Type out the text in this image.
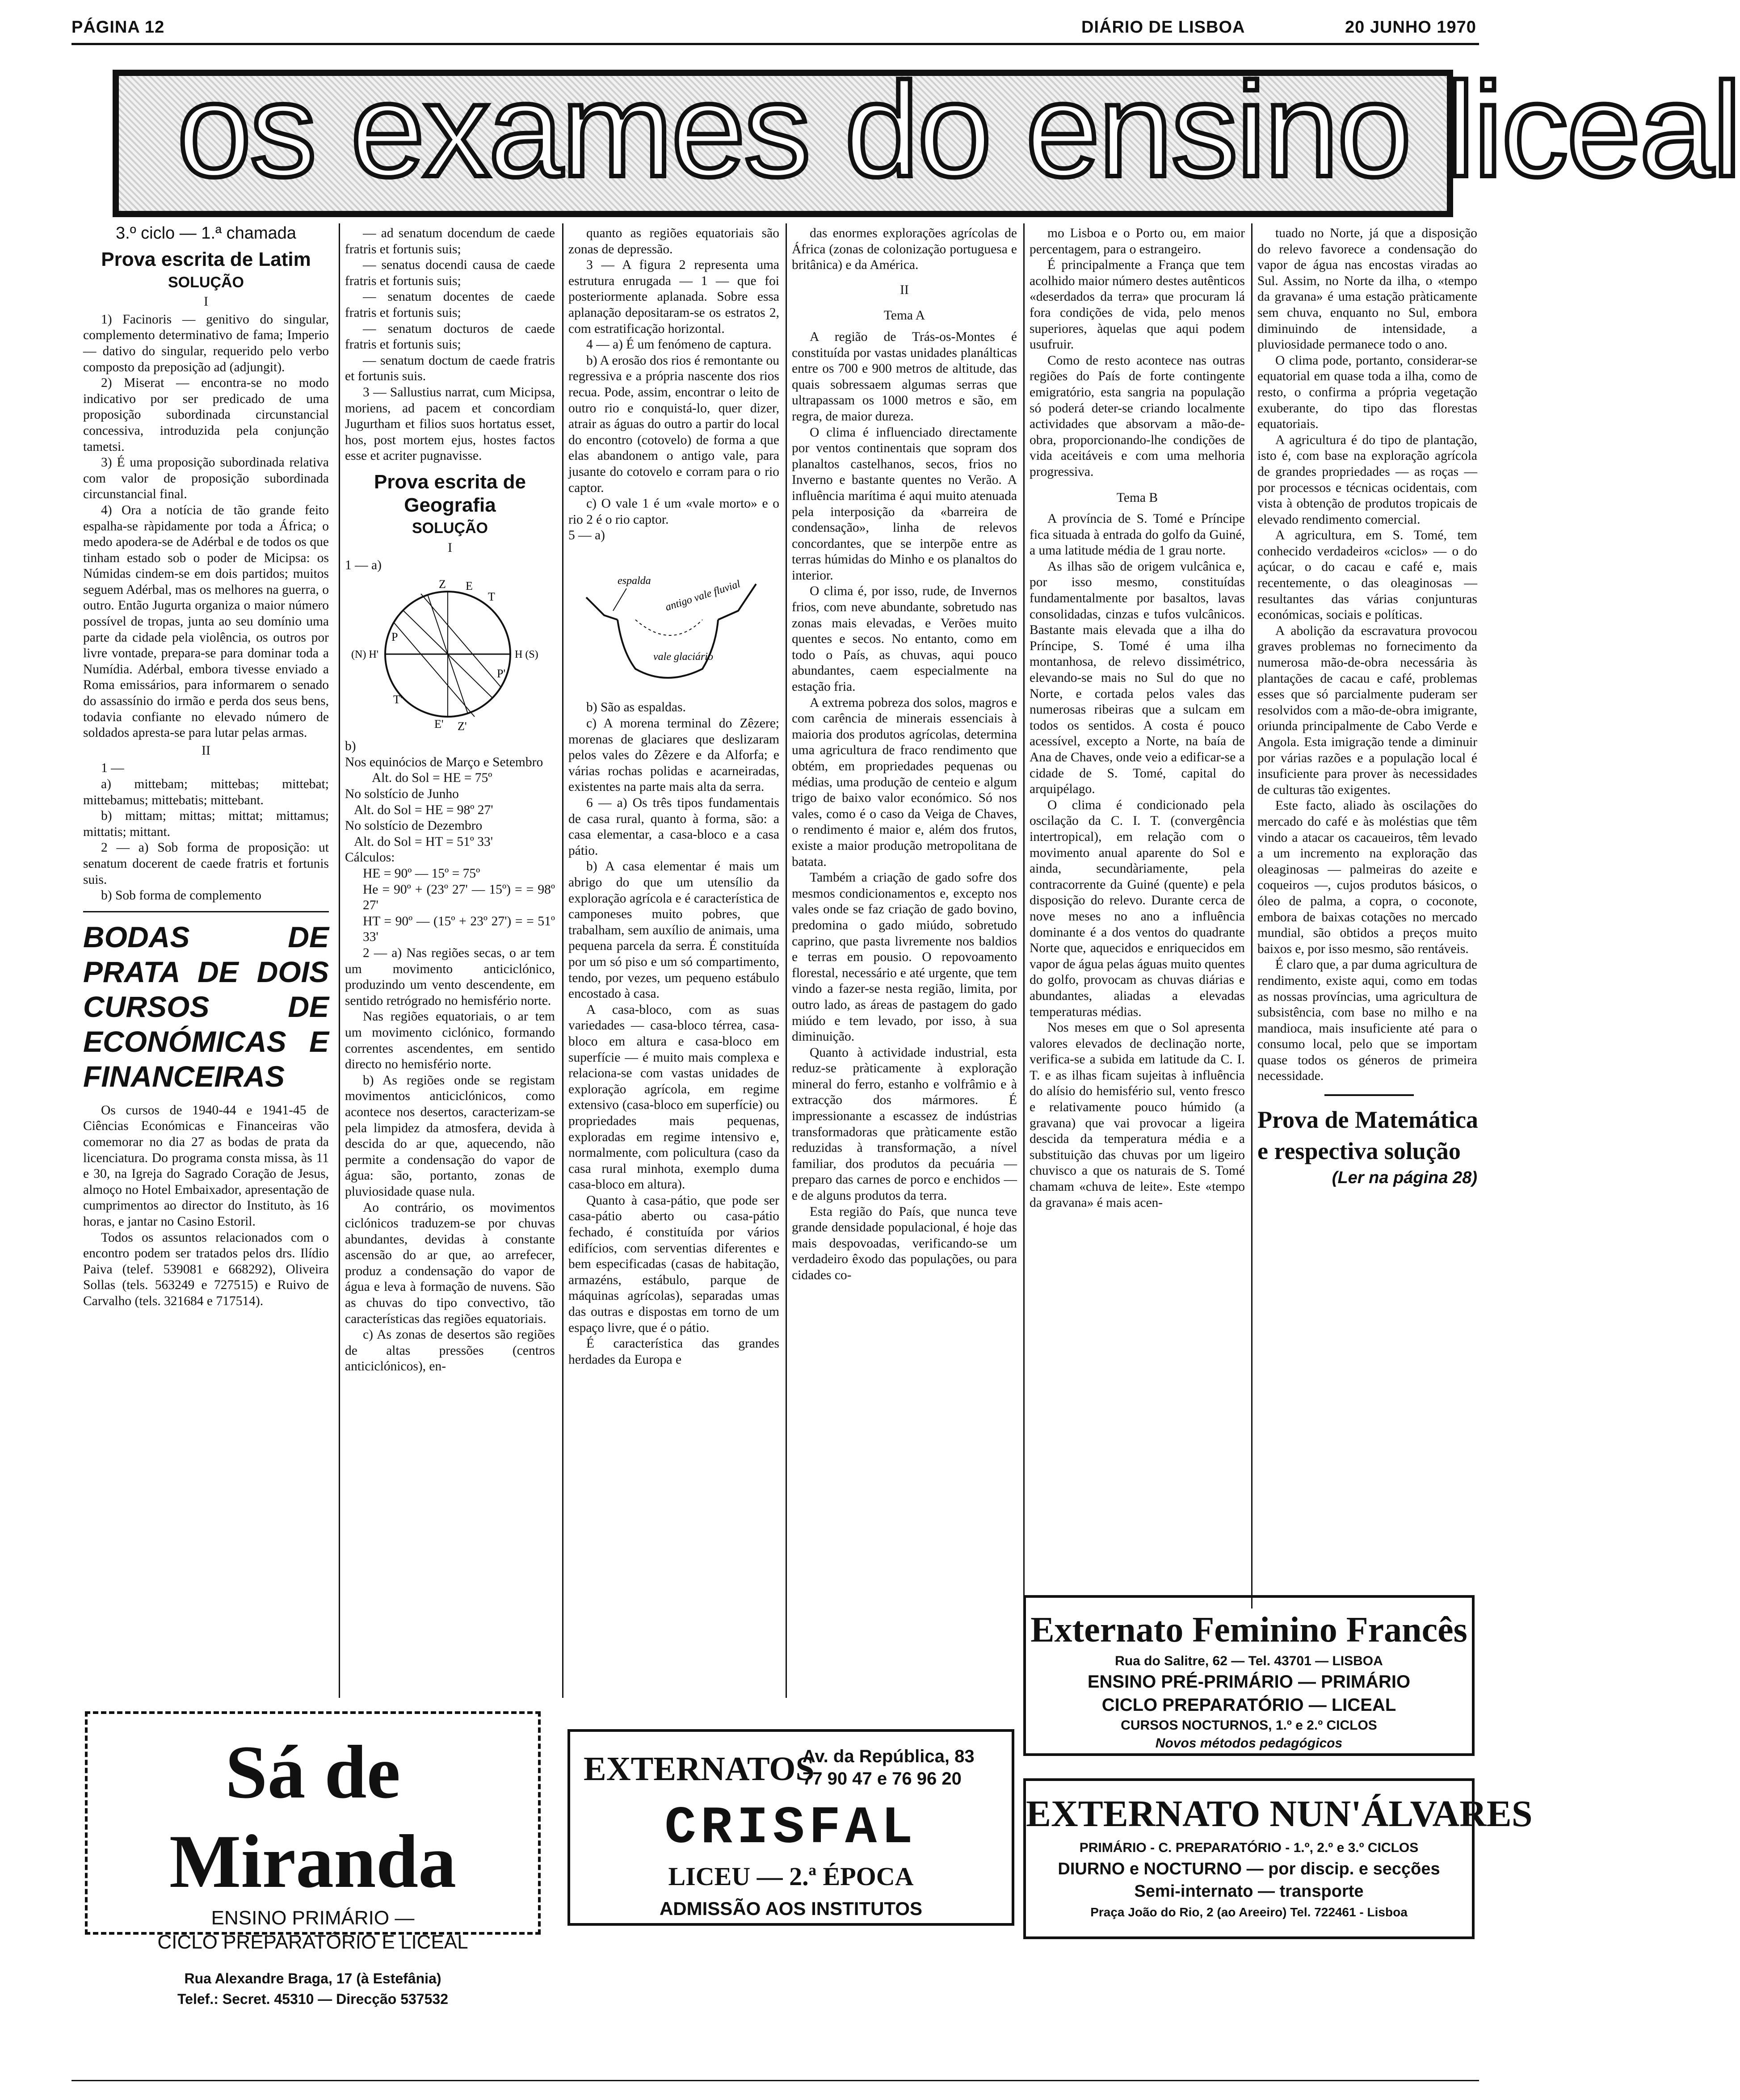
PÁGINA 12	DIÁRIO DE LISBOA	20 JUNHO 1970
os exames do ensino liceal
3.º ciclo — 1.ª chamada
Prova escrita de Latim
SOLUÇÃO
I

1) Facinoris — genitivo do singular, complemento determinativo de fama; Imperio — dativo do singular, requerido pelo verbo composto da preposição ad (adjungit).

2) Miserat — encontra-se no modo indicativo por ser predicado de uma proposição subordinada circunstancial concessiva, introduzida pela conjunção tametsi.

3) É uma proposição subordinada relativa com valor de proposição subordinada circunstancial final.

4) Ora a notícia de tão grande feito espalha-se ràpidamente por toda a África; o medo apodera-se de Adérbal e de todos os que tinham estado sob o poder de Micipsa: os Númidas cindem-se em dois partidos; muitos seguem Adérbal, mas os melhores na guerra, o outro. Então Jugurta organiza o maior número possível de tropas, junta ao seu domínio uma parte da cidade pela violência, os outros por livre vontade, prepara-se para dominar toda a Numídia. Adérbal, embora tivesse enviado a Roma emissários, para informarem o senado do assassínio do irmão e perda dos seus bens, todavia confiante no elevado número de soldados apresta-se para lutar pelas armas.

II

1 —

a) mittebam; mittebas; mittebat; mittebamus; mittebatis; mittebant.

b) mittam; mittas; mittat; mittamus; mittatis; mittant.

2 — a) Sob forma de proposição: ut senatum docerent de caede fratris et fortunis suis.

b) Sob forma de complemento

BODAS DE PRATA DE DOIS CURSOS DE ECONÓMICAS E FINANCEIRAS

Os cursos de 1940-44 e 1941-45 de Ciências Económicas e Financeiras vão comemorar no dia 27 as bodas de prata da licenciatura. Do programa consta missa, às 11 e 30, na Igreja do Sagrado Coração de Jesus, almoço no Hotel Embaixador, apresentação de cumprimentos ao director do Instituto, às 16 horas, e jantar no Casino Estoril.

Todos os assuntos relacionados com o encontro podem ser tratados pelos drs. Ilídio Paiva (telef. 539081 e 668292), Oliveira Sollas (tels. 563249 e 727515) e Ruivo de Carvalho (tels. 321684 e 717514).

— ad senatum docendum de caede fratris et fortunis suis;

— senatus docendi causa de caede fratris et fortunis suis;

— senatum docentes de caede fratris et fortunis suis;

— senatum docturos de caede fratris et fortunis suis;

— senatum doctum de caede fratris et fortunis suis.

3 — Sallustius narrat, cum Micipsa, moriens, ad pacem et concordiam Jugurtham et filios suos hortatus esset, hos, post mortem ejus, hostes factos esse et acriter pugnavisse.

Prova escrita de Geografia
SOLUÇÃO
I
1 — a)
Z E
T
P
(N) H'	H (S)
P'
T'
E' Z'
b)
Nos equinócios de Março e Setembro
Alt. do Sol = HE = 75º
No solstício de Junho
Alt. do Sol = HE = 98º 27'
No solstício de Dezembro
Alt. do Sol = HT = 51º 33'
Cálculos:
HE = 90º — 15º = 75º
He = 90º + (23º 27' — 15º) = = 98º 27'
HT = 90º — (15º + 23º 27') = = 51º 33'

2 — a) Nas regiões secas, o ar tem um movimento anticiclónico, produzindo um vento descendente, em sentido retrógrado no hemisfério norte.

Nas regiões equatoriais, o ar tem um movimento ciclónico, formando correntes ascendentes, em sentido directo no hemisfério norte.

b) As regiões onde se registam movimentos anticiclónicos, como acontece nos desertos, caracterizam-se pela limpidez da atmosfera, devida à descida do ar que, aquecendo, não permite a condensação do vapor de água: são, portanto, zonas de pluviosidade quase nula.

Ao contrário, os movimentos ciclónicos traduzem-se por chuvas abundantes, devidas à constante ascensão do ar que, ao arrefecer, produz a condensação do vapor de água e leva à formação de nuvens. São as chuvas do tipo convectivo, tão características das regiões equatoriais.

c) As zonas de desertos são regiões de altas pressões (centros anticiclónicos), en-

quanto as regiões equatoriais são zonas de depressão.

3 — A figura 2 representa uma estrutura enrugada — 1 — que foi posteriormente aplanada. Sobre essa aplanação depositaram-se os estratos 2, com estratificação horizontal.

4 — a) É um fenómeno de captura.

b) A erosão dos rios é remontante ou regressiva e a própria nascente dos rios recua. Pode, assim, encontrar o leito de outro rio e conquistá-lo, quer dizer, atrair as águas do outro a partir do local do encontro (cotovelo) de forma a que elas abandonem o antigo vale, para jusante do cotovelo e corram para o rio captor.

c) O vale 1 é um «vale morto» e o rio 2 é o rio captor.

5 — a)
espalda antigo vale fluvial
vale glaciário

b) São as espaldas.

c) A morena terminal do Zêzere; morenas de glaciares que deslizaram pelos vales do Zêzere e da Alforfa; e várias rochas polidas e acarneiradas, existentes na parte mais alta da serra.

6 — a) Os três tipos fundamentais de casa rural, quanto à forma, são: a casa elementar, a casa-bloco e a casa pátio.

b) A casa elementar é mais um abrigo do que um utensílio da exploração agrícola e é característica de camponeses muito pobres, que trabalham, sem auxílio de animais, uma pequena parcela da serra. É constituída por um só piso e um só compartimento, tendo, por vezes, um pequeno estábulo encostado à casa.

A casa-bloco, com as suas variedades — casa-bloco térrea, casa-bloco em altura e casa-bloco em superfície — é muito mais complexa e relaciona-se com vastas unidades de exploração agrícola, em regime extensivo (casa-bloco em superfície) ou propriedades mais pequenas, exploradas em regime intensivo e, normalmente, com policultura (caso da casa rural minhota, exemplo duma casa-bloco em altura).

Quanto à casa-pátio, que pode ser casa-pátio aberto ou casa-pátio fechado, é constituída por vários edifícios, com serventias diferentes e bem especificadas (casas de habitação, armazéns, estábulo, parque de máquinas agrícolas), separadas umas das outras e dispostas em torno de um espaço livre, que é o pátio.

É característica das grandes herdades da Europa e

das enormes explorações agrícolas de África (zonas de colonização portuguesa e britânica) e da América.

II
Tema A

A região de Trás-os-Montes é constituída por vastas unidades planálticas entre os 700 e 900 metros de altitude, das quais sobressaem algumas serras que ultrapassam os 1000 metros e são, em regra, de maior dureza.

O clima é influenciado directamente por ventos continentais que sopram dos planaltos castelhanos, secos, frios no Inverno e bastante quentes no Verão. A influência marítima é aqui muito atenuada pela interposição da «barreira de condensação», linha de relevos concordantes, que se interpõe entre as terras húmidas do Minho e os planaltos do interior.

O clima é, por isso, rude, de Invernos frios, com neve abundante, sobretudo nas zonas mais elevadas, e Verões muito quentes e secos. No entanto, como em todo o País, as chuvas, aqui pouco abundantes, caem especialmente na estação fria.

A extrema pobreza dos solos, magros e com carência de minerais essenciais à maioria dos produtos agrícolas, determina uma agricultura de fraco rendimento que obtém, em propriedades pequenas ou médias, uma produção de centeio e algum trigo de baixo valor económico. Só nos vales, como é o caso da Veiga de Chaves, o rendimento é maior e, além dos frutos, existe a maior produção metropolitana de batata.

Também a criação de gado sofre dos mesmos condicionamentos e, excepto nos vales onde se faz criação de gado bovino, predomina o gado miúdo, sobretudo caprino, que pasta livremente nos baldios e terras em pousio. O repovoamento florestal, necessário e até urgente, que tem vindo a fazer-se nesta região, limita, por outro lado, as áreas de pastagem do gado miúdo e tem levado, por isso, à sua diminuição.

Quanto à actividade industrial, esta reduz-se pràticamente à exploração mineral do ferro, estanho e volfrâmio e à extracção dos mármores. É impressionante a escassez de indústrias transformadoras que pràticamente estão reduzidas à transformação, a nível familiar, dos produtos da pecuária — preparo das carnes de porco e enchidos — e de alguns produtos da terra.

Esta região do País, que nunca teve grande densidade populacional, é hoje das mais despovoadas, verificando-se um verdadeiro êxodo das populações, ou para cidades co-

mo Lisboa e o Porto ou, em maior percentagem, para o estrangeiro.

É principalmente a França que tem acolhido maior número destes autênticos «deserdados da terra» que procuram lá fora condições de vida, pelo menos superiores, àquelas que aqui podem usufruir.

Como de resto acontece nas outras regiões do País de forte contingente emigratório, esta sangria na população só poderá deter-se criando localmente actividades que absorvam a mão-de-obra, proporcionando-lhe condições de vida aceitáveis e com uma melhoria progressiva.

Tema B

A província de S. Tomé e Príncipe fica situada à entrada do golfo da Guiné, a uma latitude média de 1 grau norte.

As ilhas são de origem vulcânica e, por isso mesmo, constituídas fundamentalmente por basaltos, lavas consolidadas, cinzas e tufos vulcânicos. Bastante mais elevada que a ilha do Príncipe, S. Tomé é uma ilha montanhosa, de relevo dissimétrico, elevando-se mais no Sul do que no Norte, e cortada pelos vales das numerosas ribeiras que a sulcam em todos os sentidos. A costa é pouco acessível, excepto a Norte, na baía de Ana de Chaves, onde veio a edificar-se a cidade de S. Tomé, capital do arquipélago.

O clima é condicionado pela oscilação da C. I. T. (convergência intertropical), em relação com o movimento anual aparente do Sol e ainda, secundàriamente, pela contracorrente da Guiné (quente) e pela disposição do relevo. Durante cerca de nove meses no ano a influência dominante é a dos ventos do quadrante Norte que, aquecidos e enriquecidos em vapor de água pelas águas muito quentes do golfo, provocam as chuvas diárias e abundantes, aliadas a elevadas temperaturas médias.

Nos meses em que o Sol apresenta valores elevados de declinação norte, verifica-se a subida em latitude da C. I. T. e as ilhas ficam sujeitas à influência do alísio do hemisfério sul, vento fresco e relativamente pouco húmido (a gravana) que vai provocar a ligeira descida da temperatura média e a substituição das chuvas por um ligeiro chuvisco a que os naturais de S. Tomé chamam «chuva de leite». Este «tempo da gravana» é mais acen-

tuado no Norte, já que a disposição do relevo favorece a condensação do vapor de água nas encostas viradas ao Sul. Assim, no Norte da ilha, o «tempo da gravana» é uma estação pràticamente sem chuva, enquanto no Sul, embora diminuindo de intensidade, a pluviosidade permanece todo o ano.

O clima pode, portanto, considerar-se equatorial em quase toda a ilha, como de resto, o confirma a própria vegetação exuberante, do tipo das florestas equatoriais.

A agricultura é do tipo de plantação, isto é, com base na exploração agrícola de grandes propriedades — as roças — por processos e técnicas ocidentais, com vista à obtenção de produtos tropicais de elevado rendimento comercial.

A agricultura, em S. Tomé, tem conhecido verdadeiros «ciclos» — o do açúcar, o do cacau e café e, mais recentemente, o das oleaginosas — resultantes das várias conjunturas económicas, sociais e políticas.

A abolição da escravatura provocou graves problemas no fornecimento da numerosa mão-de-obra necessária às plantações de cacau e café, problemas esses que só parcialmente puderam ser resolvidos com a mão-de-obra imigrante, oriunda principalmente de Cabo Verde e Angola. Esta imigração tende a diminuir por várias razões e a população local é insuficiente para prover às necessidades de culturas tão exigentes.

Este facto, aliado às oscilações do mercado do café e às moléstias que têm vindo a atacar os cacaueiros, têm levado a um incremento na exploração das oleaginosas — palmeiras do azeite e coqueiros —, cujos produtos básicos, o óleo de palma, a copra, o coconote, embora de baixas cotações no mercado mundial, são obtidos a preços muito baixos e, por isso mesmo, são rentáveis.

É claro que, a par duma agricultura de rendimento, existe aqui, como em todas as nossas províncias, uma agricultura de subsistência, com base no milho e na mandioca, mais insuficiente até para o consumo local, pelo que se importam quase todos os géneros de primeira necessidade.

Prova de Matemática
e respectiva solução
(Ler na página 28)
Sá de Miranda
ENSINO PRIMÁRIO —
CICLO PREPARATÓRIO E LICEAL
Rua Alexandre Braga, 17 (à Estefânia)
Telef.: Secret. 45310 — Direcção 537532
EXTERNATOS
Av. da República, 83
77 90 47 e 76 96 20
CRISFAL
LICEU — 2.ª ÉPOCA
ADMISSÃO AOS INSTITUTOS
Externato Feminino Francês
Rua do Salitre, 62 — Tel. 43701 — LISBOA
ENSINO PRÉ-PRIMÁRIO — PRIMÁRIO
CICLO PREPARATÓRIO — LICEAL
CURSOS NOCTURNOS, 1.º e 2.º CICLOS
Novos métodos pedagógicos
EXTERNATO NUN'ÁLVARES
PRIMÁRIO - C. PREPARATÓRIO - 1.º, 2.º e 3.º CICLOS
DIURNO e NOCTURNO — por discip. e secções
Semi-internato — transporte
Praça João do Rio, 2 (ao Areeiro) Tel. 722461 - Lisboa
